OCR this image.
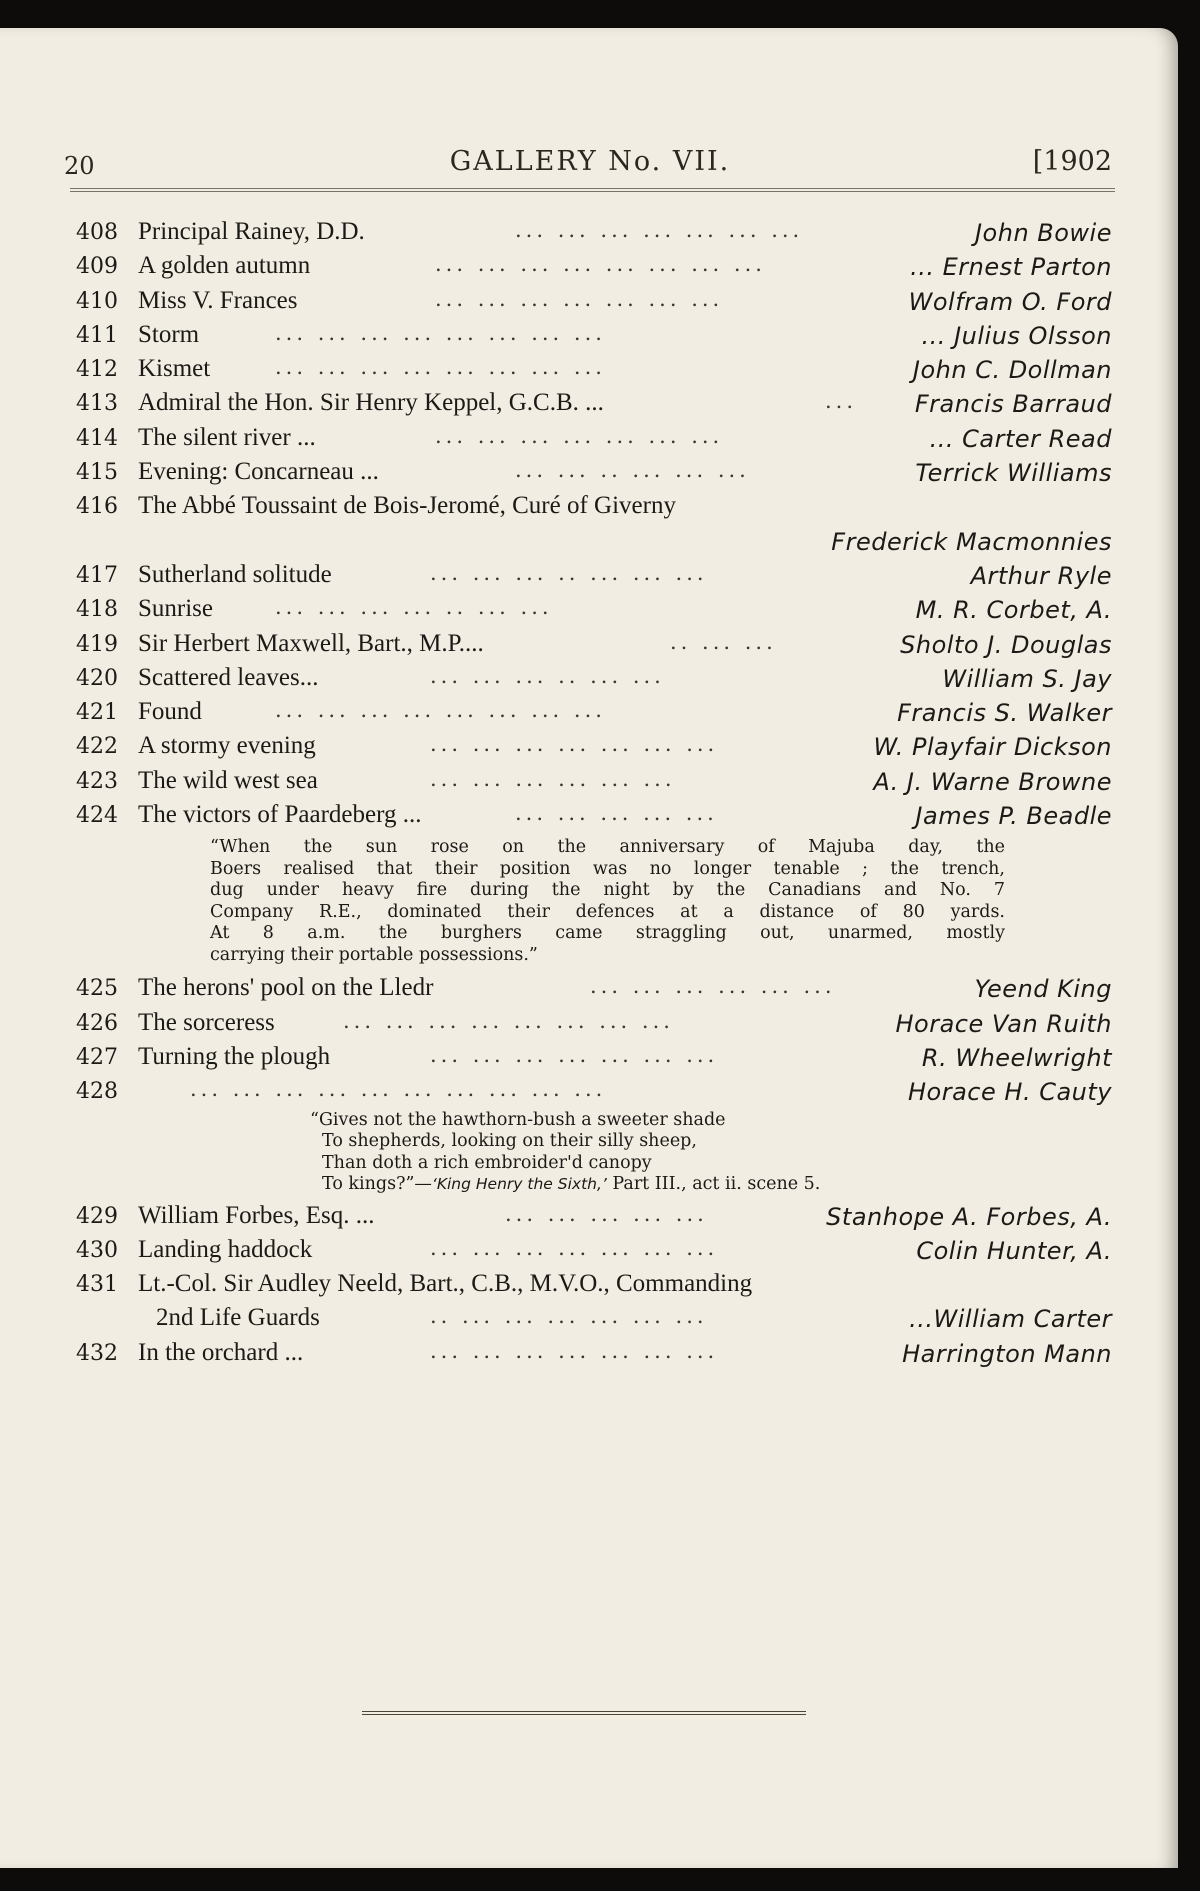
20	GALLERY No. VII.	[1902
408 Principal Rainey, D.D.	... ... ... ... ... ... ...	John Bowie
409 A golden autumn	... ... ... ... ... ... ... ...	... Ernest Parton
410 Miss V. Frances	... ... ... ... ... ... ...	Wolfram O. Ford
411 Storm	... ... ... ... ... ... ... ...	... Julius Olsson
412 Kismet	... ... ... ... ... ... ... ...	John C. Dollman
413 Admiral the Hon. Sir Henry Keppel, G.C.B. ...	... Francis Barraud
414 The silent river ...	... ... ... ... ... ... ...	... Carter Read
415 Evening: Concarneau ...	... ... .. ... ... ...	Terrick Williams
416 The Abbé Toussaint de Bois-Jeromé, Curé of Giverny
Frederick Macmonnies
417 Sutherland solitude	... ... ... .. ... ... ...	Arthur Ryle
418 Sunrise	... ... ... ... .. ... ...	M. R. Corbet, A.
419 Sir Herbert Maxwell, Bart., M.P....	.. ... ...	Sholto J. Douglas
420 Scattered leaves...	... ... ... .. ... ...	William S. Jay
421 Found	... ... ... ... ... ... ... ...	Francis S. Walker
422 A stormy evening	... ... ... ... ... ... ...	W. Playfair Dickson
423 The wild west sea	... ... ... ... ... ...	A. J. Warne Browne
424 The victors of Paardeberg ...	... ... ... ... ...	James P. Beadle
“When the sun rose on the anniversary of Majuba day, the
Boers realised that their position was no longer tenable ; the trench,
dug under heavy fire during the night by the Canadians and No. 7
Company R.E., dominated their defences at a distance of 80 yards.
At 8 a.m. the burghers came straggling out, unarmed, mostly
carrying their portable possessions.”
425 The herons' pool on the Lledr	... ... ... ... ... ...	Yeend King
426 The sorceress	... ... ... ... ... ... ... ...	Horace Van Ruith
427 Turning the plough	... ... ... ... ... ... ...	R. Wheelwright
428	... ... ... ... ... ... ... ... ... ...	Horace H. Cauty
“Gives not the hawthorn-bush a sweeter shade
To shepherds, looking on their silly sheep,
Than doth a rich embroider'd canopy
To kings?”—‘King Henry the Sixth,’ Part III., act ii. scene 5.
429 William Forbes, Esq. ...	... ... ... ... ...	Stanhope A. Forbes, A.
430 Landing haddock	... ... ... ... ... ... ...	Colin Hunter, A.
431 Lt.-Col. Sir Audley Neeld, Bart., C.B., M.V.O., Commanding
2nd Life Guards	.. ... ... ... ... ... ...	...William Carter
432 In the orchard ...	... ... ... ... ... ... ...	Harrington Mann
